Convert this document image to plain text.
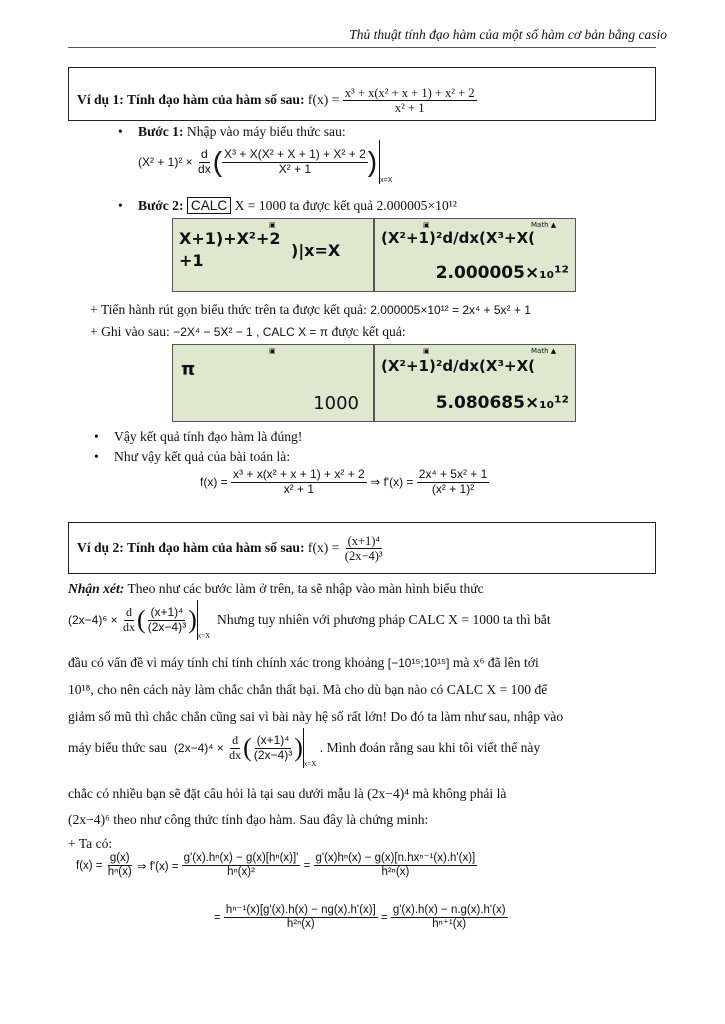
Thủ thuật tính đạo hàm của một số hàm cơ bản bằng casio
Ví dụ 1: Tính đạo hàm của hàm số sau: $f(x) = \frac{\text{x³ + x(x² + x + 1) + x² + 2}}{\text{x² + 1}}$
• Bước 1: Nhập vào máy biểu thức sau:
(X² + 1)² ×
$\frac{d}{dx}$ ( $\frac{\text{X³ + X(X² + X + 1) + X² + 2}}{\text{X² + 1}}$ )
x=X
• Bước 2: CALC X = 1000 ta được kết quả 2.000005×10¹²
▣
X+1)+X²+2
+1
)|x=X
▣	Math ▲
(X²+1)²d/dx(X³+X(
2.000005×₁₀¹²
+ Tiến hành rút gọn biểu thức trên ta được kết quả: 2.000005×10¹² = 2x⁴ + 5x² + 1
+ Ghi vào sau: −2X⁴ − 5X² − 1 , CALC X = π được kết quả:
▣
π
1000
▣	Math ▲
(X²+1)²d/dx(X³+X(
5.080685×₁₀¹²
• Vậy kết quả tính đạo hàm là đúng!
• Như vậy kết quả của bài toán là:
f(x) =
$\frac{\text{x³ + x(x² + x + 1) + x² + 2}}{\text{x² + 1}}$
⇒ f'(x) =
$\frac{\text{2x⁴ + 5x² + 1}}{\text{(x² + 1)²}}$
Ví dụ 2: Tính đạo hàm của hàm số sau: $f(x) = \frac{\text{(x+1)⁴}}{\text{(2x−4)³}}$
Nhận xét: Theo như các bước làm ở trên, ta sẽ nhập vào màn hình biểu thức
(2x−4)⁶ ×
$\frac{d}{dx}$ ( $\frac{\text{(x+1)⁴}}{\text{(2x−4)³}}$ )
x=X

Nhưng tuy nhiên với phương pháp CALC X = 1000 ta thì bắt
đầu có vấn đề vì máy tính chỉ tính chính xác trong khoảng [−10¹⁵;10¹⁵] mà x⁶ đã lên tới
10¹⁸, cho nên cách này làm chắc chắn thất bại. Mà cho dù bạn nào có CALC X = 100 để
giảm số mũ thì chắc chắn cũng sai vì bài này hệ số rất lớn! Do đó ta làm như sau, nhập vào
máy biểu thức sau
(2x−4)⁴ ×
$\frac{d}{dx}$ ( $\frac{\text{(x+1)⁴}}{\text{(2x−4)³}}$ )
x=X

. Mình đoán rằng sau khi tôi viết thế này
chắc có nhiều bạn sẽ đặt câu hỏi là tại sau dưới mẫu là (2x−4)⁴ mà không phải là
(2x−4)⁶ theo như công thức tính đạo hàm. Sau đây là chứng minh:
+ Ta có:
f(x) =
$\frac{g(x)}{\text{hⁿ(x)}}$
⇒ f'(x) =
$\frac{\text{g'(x).hⁿ(x) − g(x)[hⁿ(x)]'}}{\text{hⁿ(x)²}}$
=
$\frac{\text{g'(x)hⁿ(x) − g(x)[n.hxⁿ⁻¹(x).h'(x)]}}{\text{h²ⁿ(x)}}$
=
$\frac{\text{hⁿ⁻¹(x)[g'(x).h(x) − ng(x).h'(x)]}}{\text{h²ⁿ(x)}}$
=
$\frac{g'(x).h(x) - n.g(x).h'(x)}{\text{hⁿ⁺¹(x)}}$
